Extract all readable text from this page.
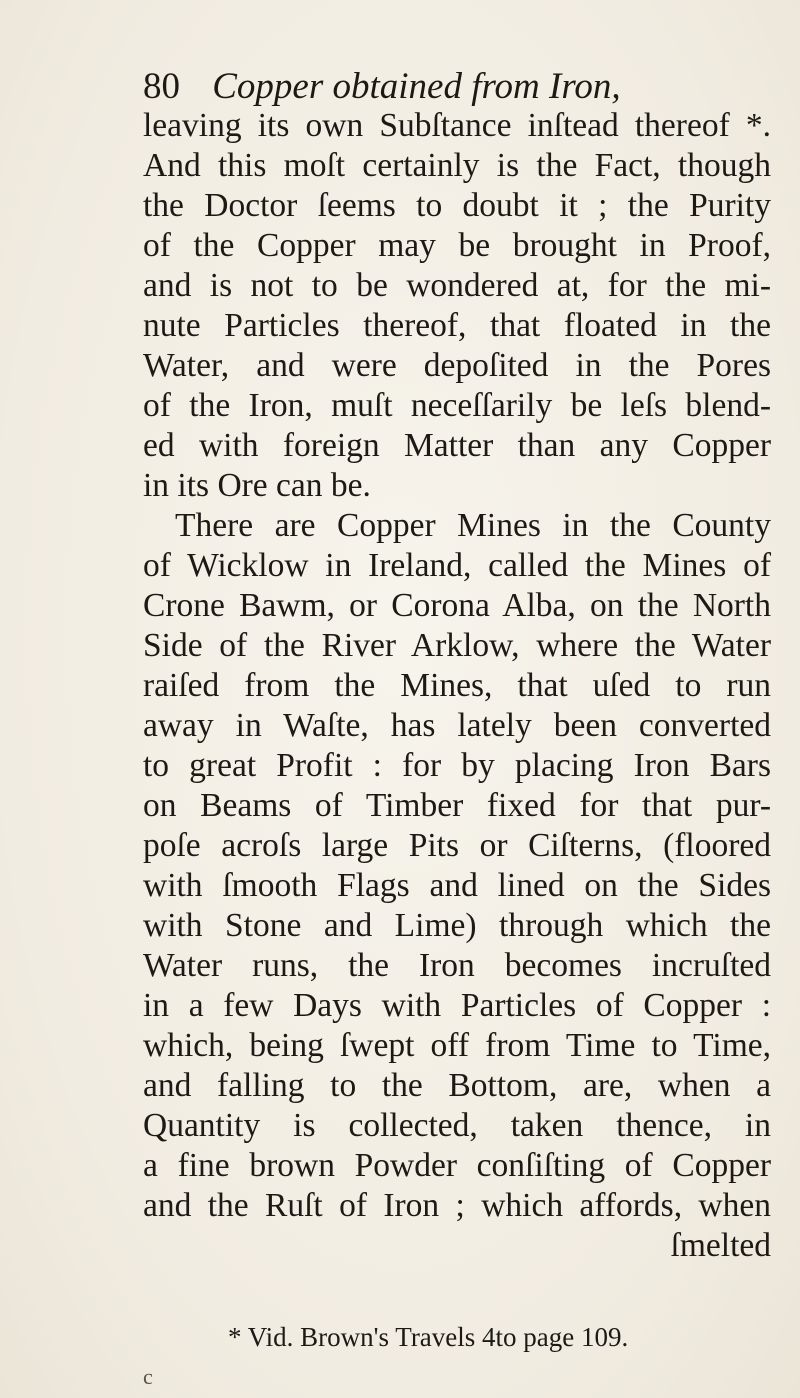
80 Copper obtained from Iron,
leaving its own Subſtance inſtead thereof *.
And this moſt certainly is the Fact, though
the Doctor ſeems to doubt it ; the Purity
of the Copper may be brought in Proof,
and is not to be wondered at, for the mi-
nute Particles thereof, that floated in the
Water, and were depoſited in the Pores
of the Iron, muſt neceſſarily be leſs blend-
ed with foreign Matter than any Copper
in its Ore can be.
There are Copper Mines in the County
of Wicklow in Ireland, called the Mines of
Crone Bawm, or Corona Alba, on the North
Side of the River Arklow, where the Water
raiſed from the Mines, that uſed to run
away in Waſte, has lately been converted
to great Profit : for by placing Iron Bars
on Beams of Timber fixed for that pur-
poſe acroſs large Pits or Ciſterns, (floored
with ſmooth Flags and lined on the Sides
with Stone and Lime) through which the
Water runs, the Iron becomes incruſted
in a few Days with Particles of Copper :
which, being ſwept off from Time to Time,
and falling to the Bottom, are, when a
Quantity is collected, taken thence, in
a fine brown Powder conſiſting of Copper
and the Ruſt of Iron ; which affords, when
ſmelted
* Vid. Brown's Travels 4to page 109.
c
